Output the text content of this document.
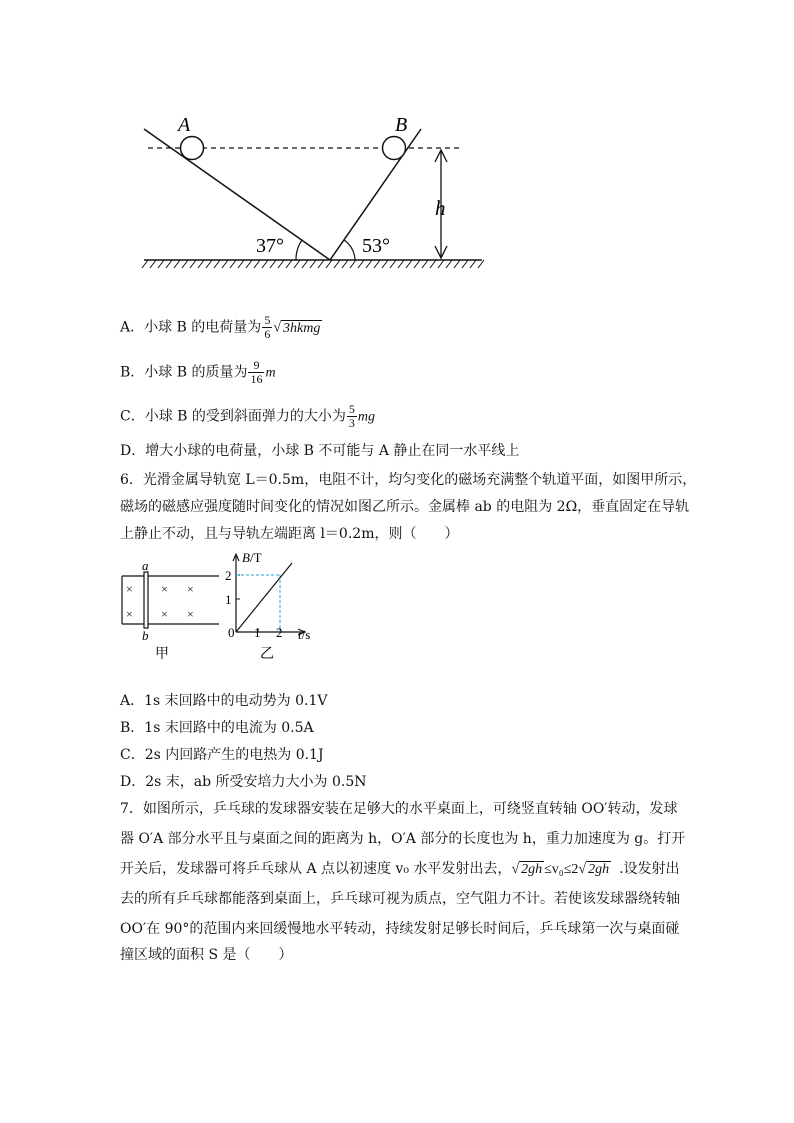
A	B
37°	53°
h
A．小球 B 的电荷量为 $\frac{5}{6}$ √ 3hkmg
B．小球 B 的质量为 $\frac{9}{16}$ m
C．小球 B 的受到斜面弹力的大小为 $\frac{5}{3}$ mg
D．增大小球的电荷量，小球 B 不可能与 A 静止在同一水平线上
6．光滑金属导轨宽 L＝0.5m，电阻不计，均匀变化的磁场充满整个轨道平面，如图甲所示，
磁场的磁感应强度随时间变化的情况如图乙所示。金属棒 ab 的电阻为 2Ω，垂直固定在导轨
上静止不动，且与导轨左端距离 l＝0.2m，则（　　）
a
b
×
×
×
×
×
×
甲
B/T
t/s
0
1
2
1 2
乙
A．1s 末回路中的电动势为 0.1V
B．1s 末回路中的电流为 0.5A
C．2s 内回路产生的电热为 0.1J
D．2s 末，ab 所受安培力大小为 0.5N
7．如图所示，乒乓球的发球器安装在足够大的水平桌面上，可绕竖直转轴 OO′转动，发球
器 O′A 部分水平且与桌面之间的距离为 h，O′A 部分的长度也为 h，重力加速度为 g。打开
开关后，发球器可将乒乓球从 A 点以初速度 v₀ 水平发射出去，√ 2gh ≤v₀≤2√ 2gh .设发射出
去的所有乒乓球都能落到桌面上，乒乓球可视为质点，空气阻力不计。若使该发球器绕转轴
OO′在 90°的范围内来回缓慢地水平转动，持续发射足够长时间后，乒乓球第一次与桌面碰
撞区域的面积 S 是（　　）
